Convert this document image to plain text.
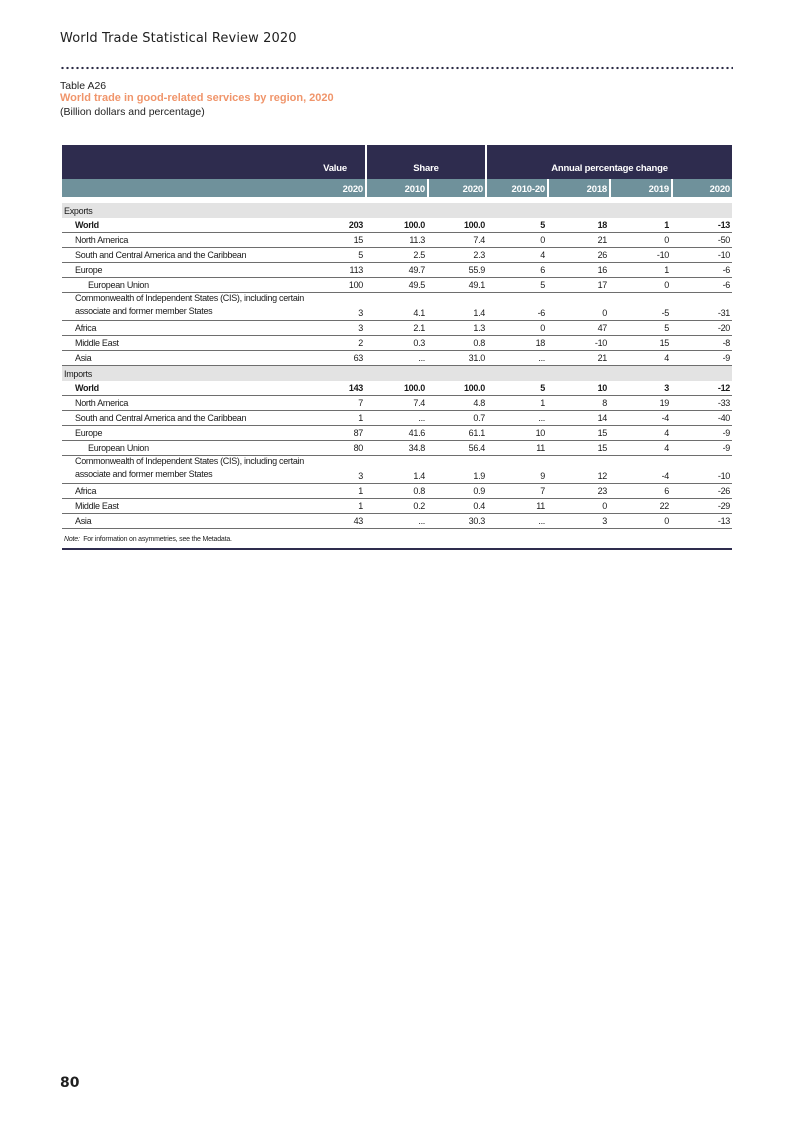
World Trade Statistical Review 2020
Table A26
World trade in good-related services by region, 2020
(Billion dollars and percentage)
Value	Share	Annual percentage change
2020	2010	2020	2010-20	2018	2019	2020
Exports
World	203	100.0	100.0	5	18	1	-13
North America	15	11.3	7.4	0	21	0	-50
South and Central America and the Caribbean	5	2.5	2.3	4	26	-10	-10
Europe	113	49.7	55.9	6	16	1	-6
European Union	100	49.5	49.1	5	17	0	-6
Commonwealth of Independent States (CIS), including certain associate and former member States	3	4.1	1.4	-6	0	-5	-31
Africa	3	2.1	1.3	0	47	5	-20
Middle East	2	0.3	0.8	18	-10	15	-8
Asia	63	...	31.0	...	21	4	-9
Imports
World	143	100.0	100.0	5	10	3	-12
North America	7	7.4	4.8	1	8	19	-33
South and Central America and the Caribbean	1	...	0.7	...	14	-4	-40
Europe	87	41.6	61.1	10	15	4	-9
European Union	80	34.8	56.4	11	15	4	-9
Commonwealth of Independent States (CIS), including certain associate and former member States	3	1.4	1.9	9	12	-4	-10
Africa	1	0.8	0.9	7	23	6	-26
Middle East	1	0.2	0.4	11	0	22	-29
Asia	43	...	30.3	...	3	0	-13
Note: For information on asymmetries, see the Metadata.
80
